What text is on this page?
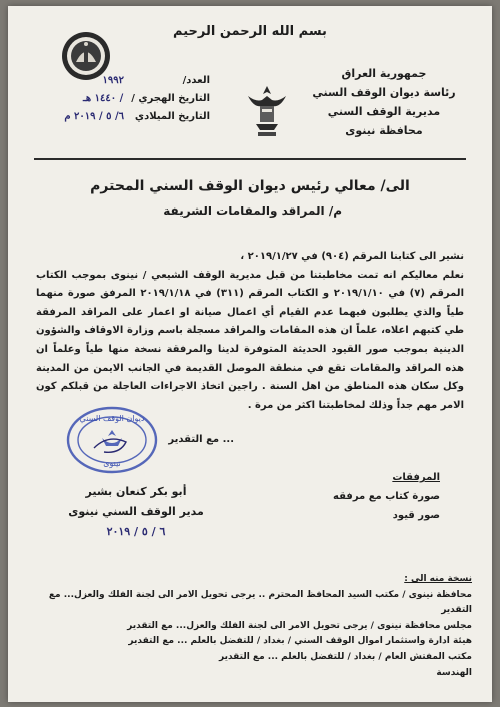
بسم الله الرحمن الرحيم
جمهورية العراق
رئاسة ديوان الوقف السني
مديرية الوقف السني
محافظة نينوى
العدد/
١٩٩٢
التاريخ الهجري /
/ ١٤٤٠ هـ
التاريخ الميلادي
٦/ ٥ / ٢٠١٩ م
الى/ معالي رئيس ديوان الوقف السني المحترم
م/ المراقد والمقامات الشريفة

نشير الى كتابنا المرقم (٩٠٤) في ٢٠١٩/١/٢٧ ،

نعلم معاليكم انه تمت مخاطبتنا من قبل مديرية الوقف الشيعي / نينوى بموجب الكتاب المرقم (٧) في ٢٠١٩/١/١٠ و الكتاب المرقم (٣١١) في ٢٠١٩/١/١٨ المرفق صورة منهما طياً والذي يطلبون فيهما عدم القيام أي اعمال صيانة او اعمار على المراقد المرفقة طي كتبهم اعلاه، علماً ان هذه المقامات والمراقد مسجلة باسم وزارة الاوقاف والشؤون الدينية بموجب صور القيود الحديثة المتوفرة لدينا والمرفقة نسخة منها طياً وعلماً ان هذه المراقد والمقامات تقع في منطقة الموصل القديمة في الجانب الايمن من المدينة وكل سكان هذه المناطق من اهل السنة . راجين اتخاذ الاجراءات العاجلة من قبلكم كون الامر مهم جداً وذلك لمخاطبتنا اكثر من مرة .

... مع التقدير
ديوان الوقف السني
نينوى
أبو بكر كنعان بشير
مدير الوقف السني نينوى
٦ / ٥ / ٢٠١٩
المرفقات
صورة كتاب مع مرفقه
صور قيود
نسخة منه الى :
محافظة نينوى / مكتب السيد المحافظ المحترم .. يرجى تحويل الامر الى لجنة الفلك والعزل... مع التقدير
مجلس محافظة نينوى / يرجى تحويل الامر الى لجنة الفلك والعزل... مع التقدير
هيئة ادارة واستثمار اموال الوقف السني / بغداد / للتفضل بالعلم ... مع التقدير
مكتب المفتش العام / بغداد / للتفضل بالعلم ... مع التقدير
الهندسة
